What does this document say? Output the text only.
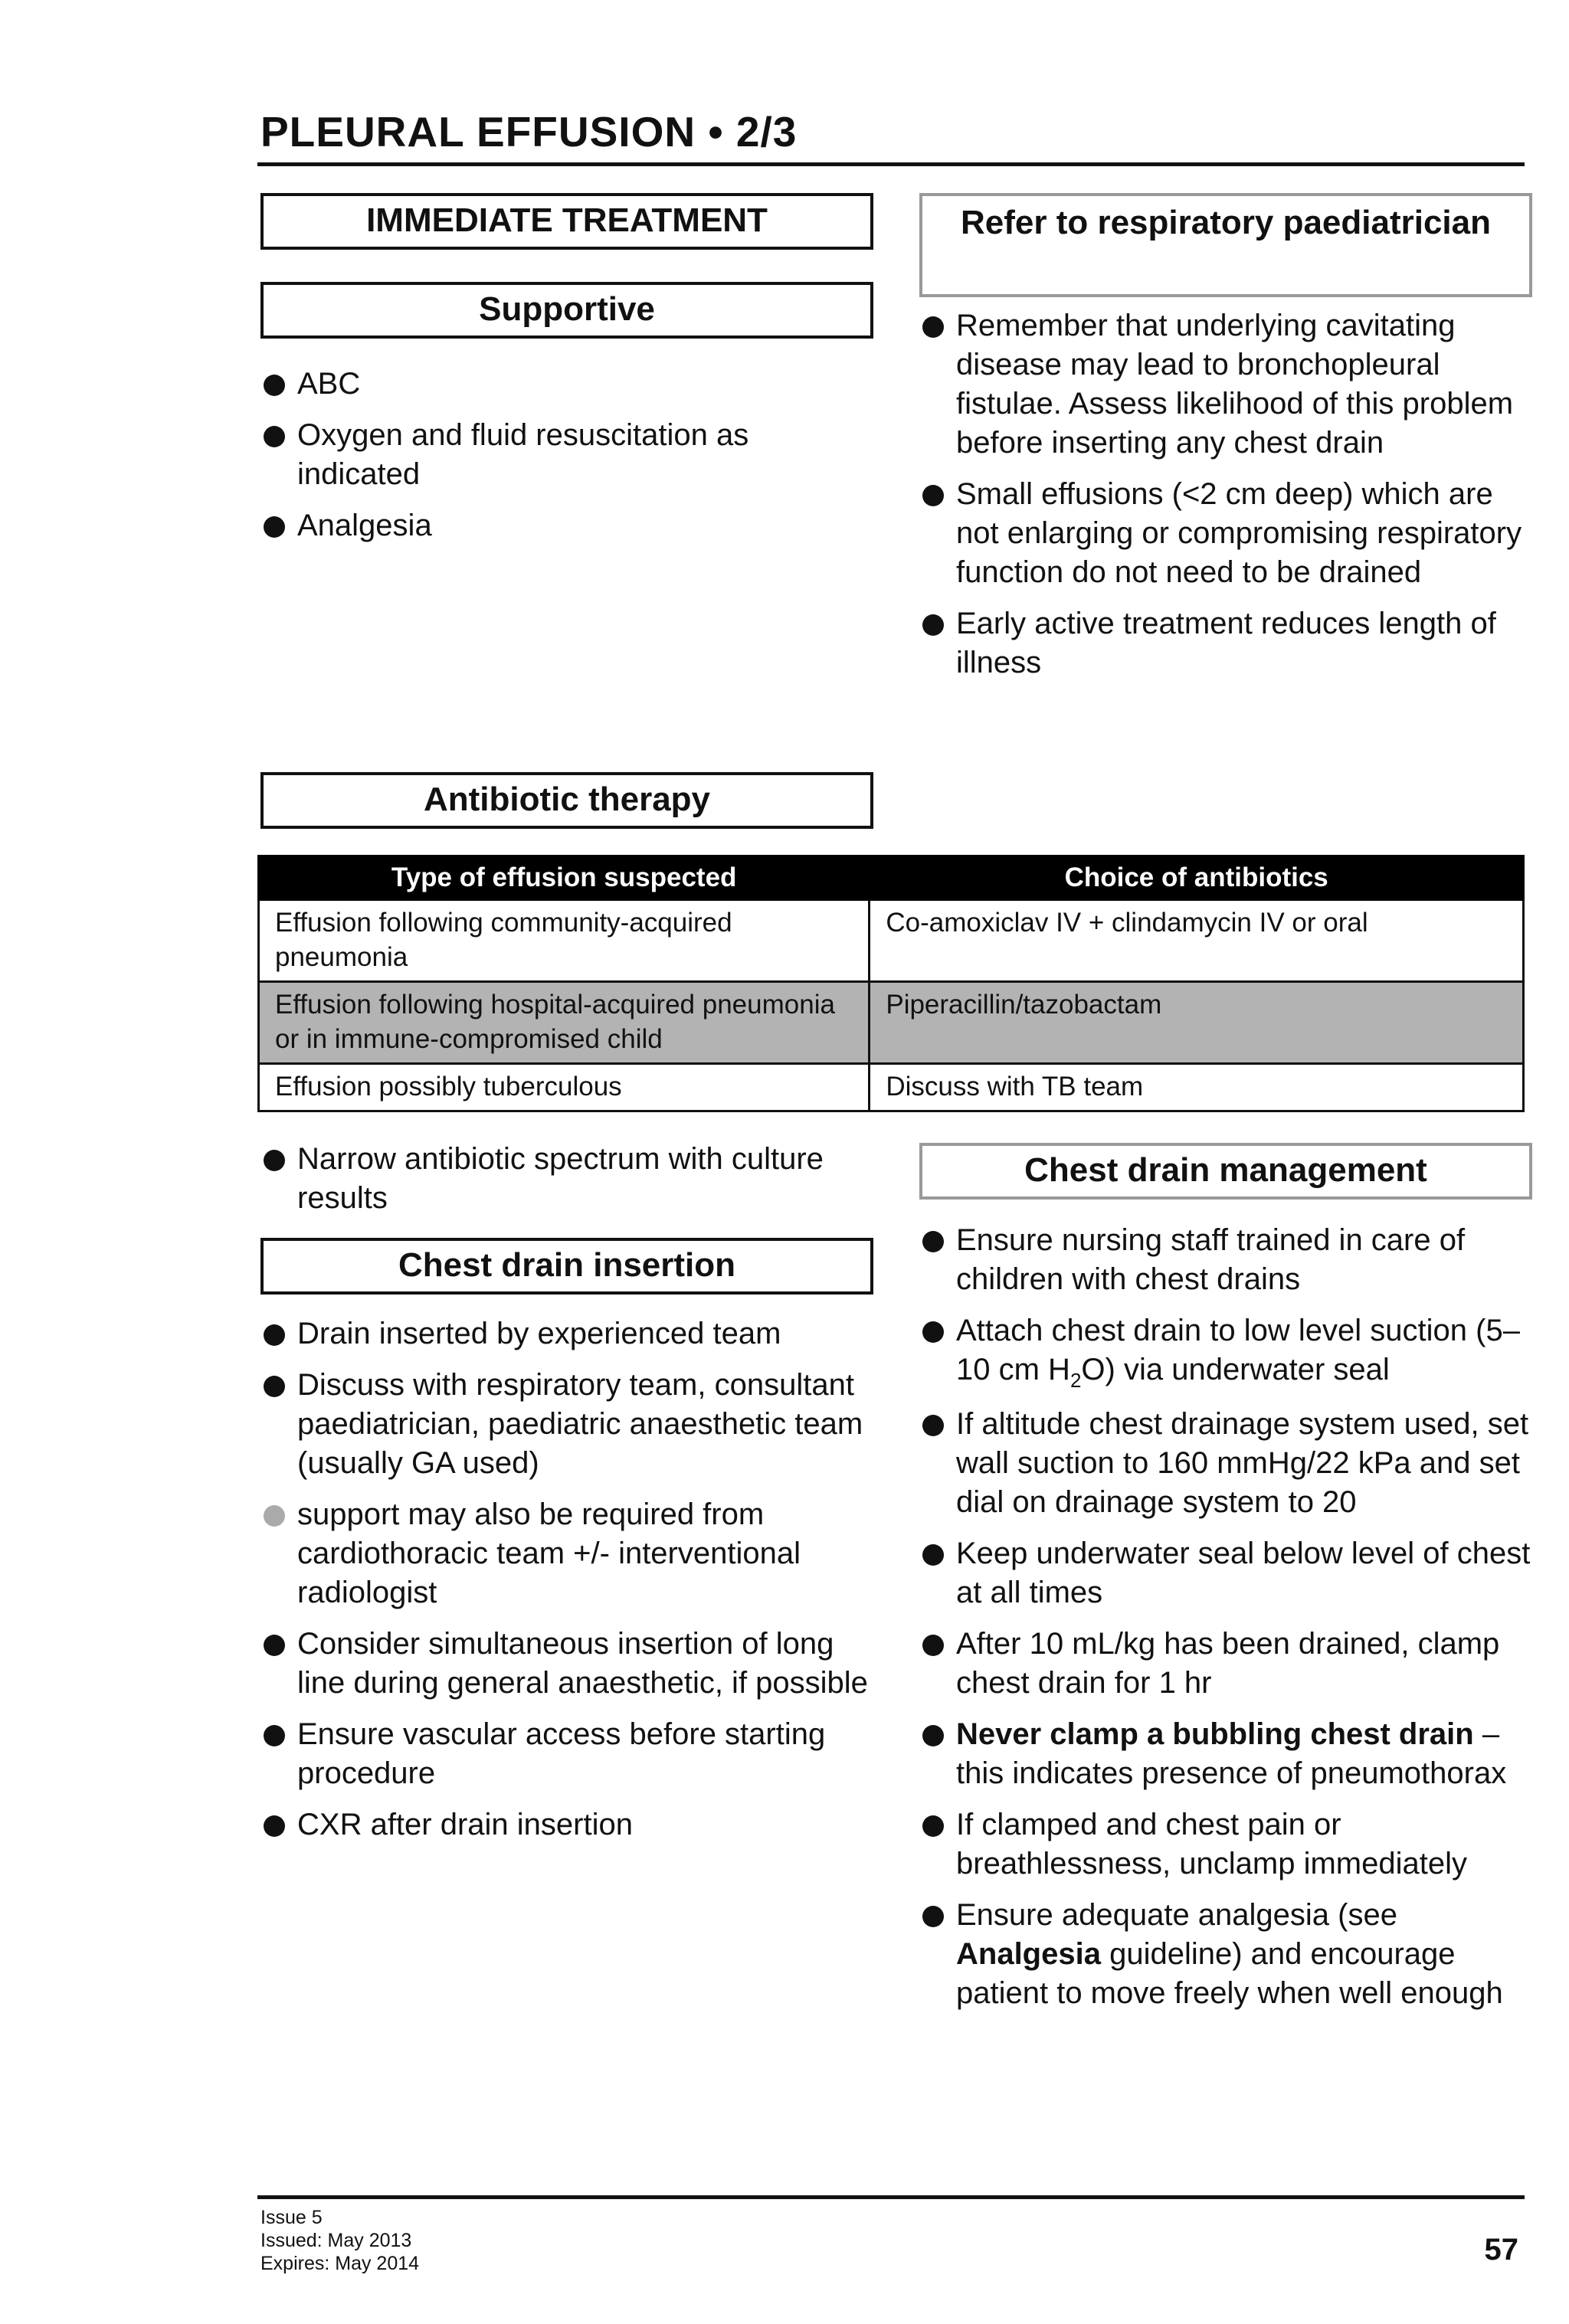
PLEURAL EFFUSION • 2/3
IMMEDIATE TREATMENT
Supportive
ABC
Oxygen and fluid resuscitation as indicated
Analgesia
Antibiotic therapy
Refer to respiratory paediatrician
Remember that underlying cavitating disease may lead to bronchopleural fistulae. Assess likelihood of this problem before inserting any chest drain
Small effusions (<2 cm deep) which are not enlarging or compromising respiratory function do not need to be drained
Early active treatment reduces length of illness
Type of effusion suspected	Choice of antibiotics
Effusion following community-acquired pneumonia	Co-amoxiclav IV + clindamycin IV or oral
Effusion following hospital-acquired pneumonia or in immune-compromised child	Piperacillin/tazobactam
Effusion possibly tuberculous	Discuss with TB team
Narrow antibiotic spectrum with culture results
Chest drain insertion
Drain inserted by experienced team
Discuss with respiratory team, consultant paediatrician, paediatric anaesthetic team (usually GA used)
support may also be required from cardiothoracic team +/- interventional radiologist
Consider simultaneous insertion of long line during general anaesthetic, if possible
Ensure vascular access before starting procedure
CXR after drain insertion
Chest drain management
Ensure nursing staff trained in care of children with chest drains
Attach chest drain to low level suction (5–10 cm $H_2O$) via underwater seal
If altitude chest drainage system used, set wall suction to 160 mmHg/22 kPa and set dial on drainage system to 20
Keep underwater seal below level of chest at all times
After 10 mL/kg has been drained, clamp chest drain for 1 hr
Never clamp a bubbling chest drain – this indicates presence of pneumothorax
If clamped and chest pain or breathlessness, unclamp immediately
Ensure adequate analgesia (see Analgesia guideline) and encourage patient to move freely when well enough
Issue 5
Issued: May 2013
Expires: May 2014	57
